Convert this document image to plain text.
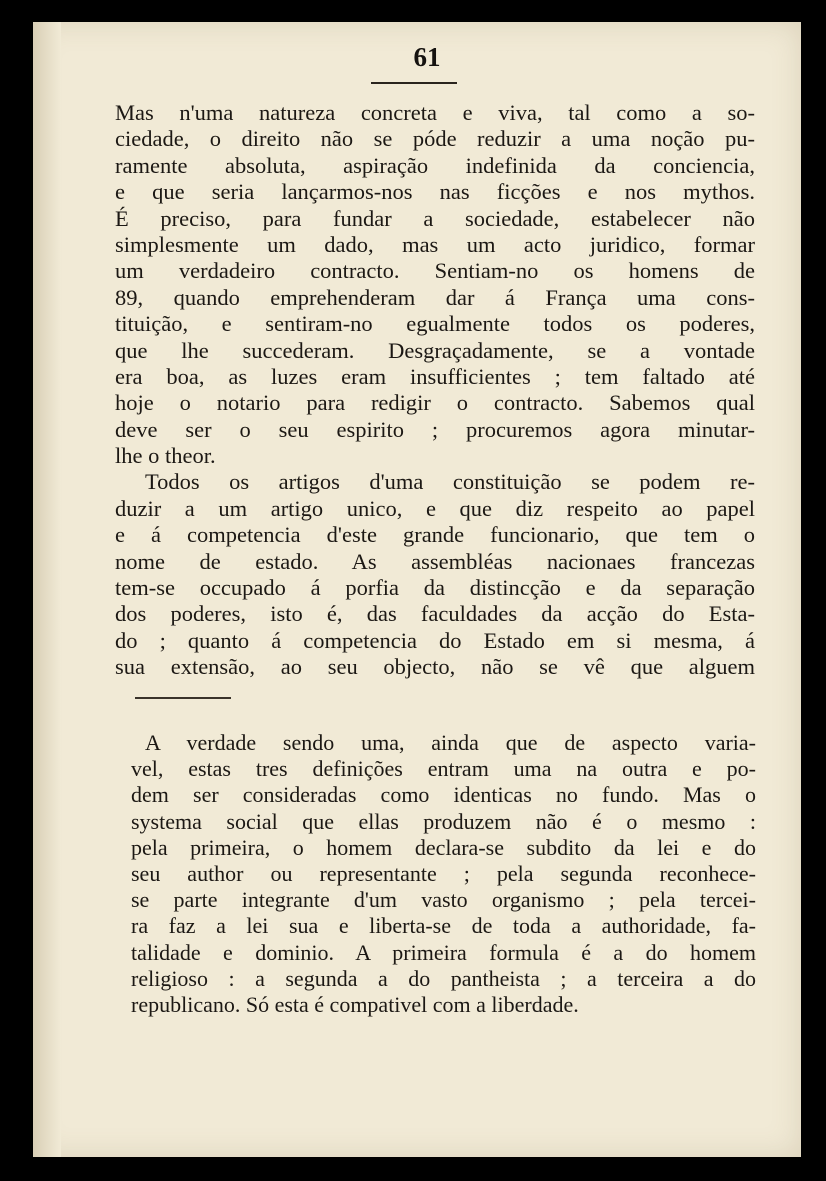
61
Mas n'uma natureza concreta e viva, tal como a so-
ciedade, o direito não se póde reduzir a uma noção pu-
ramente absoluta, aspiração indefinida da conciencia,
e que seria lançarmos-nos nas ficções e nos mythos.
É preciso, para fundar a sociedade, estabelecer não
simplesmente um dado, mas um acto juridico, formar
um verdadeiro contracto. Sentiam-no os homens de
89, quando emprehenderam dar á França uma cons-
tituição, e sentiram-no egualmente todos os poderes,
que lhe succederam. Desgraçadamente, se a vontade
era boa, as luzes eram insufficientes ; tem faltado até
hoje o notario para redigir o contracto. Sabemos qual
deve ser o seu espirito ; procuremos agora minutar-
lhe o theor.
Todos os artigos d'uma constituição se podem re-
duzir a um artigo unico, e que diz respeito ao papel
e á competencia d'este grande funcionario, que tem o
nome de estado. As assembléas nacionaes francezas
tem-se occupado á porfia da distincção e da separação
dos poderes, isto é, das faculdades da acção do Esta-
do ; quanto á competencia do Estado em si mesma, á
sua extensão, ao seu objecto, não se vê que alguem
A verdade sendo uma, ainda que de aspecto varia-
vel, estas tres definições entram uma na outra e po-
dem ser consideradas como identicas no fundo. Mas o
systema social que ellas produzem não é o mesmo :
pela primeira, o homem declara-se subdito da lei e do
seu author ou representante ; pela segunda reconhece-
se parte integrante d'um vasto organismo ; pela tercei-
ra faz a lei sua e liberta-se de toda a authoridade, fa-
talidade e dominio. A primeira formula é a do homem
religioso : a segunda a do pantheista ; a terceira a do
republicano. Só esta é compativel com a liberdade.
